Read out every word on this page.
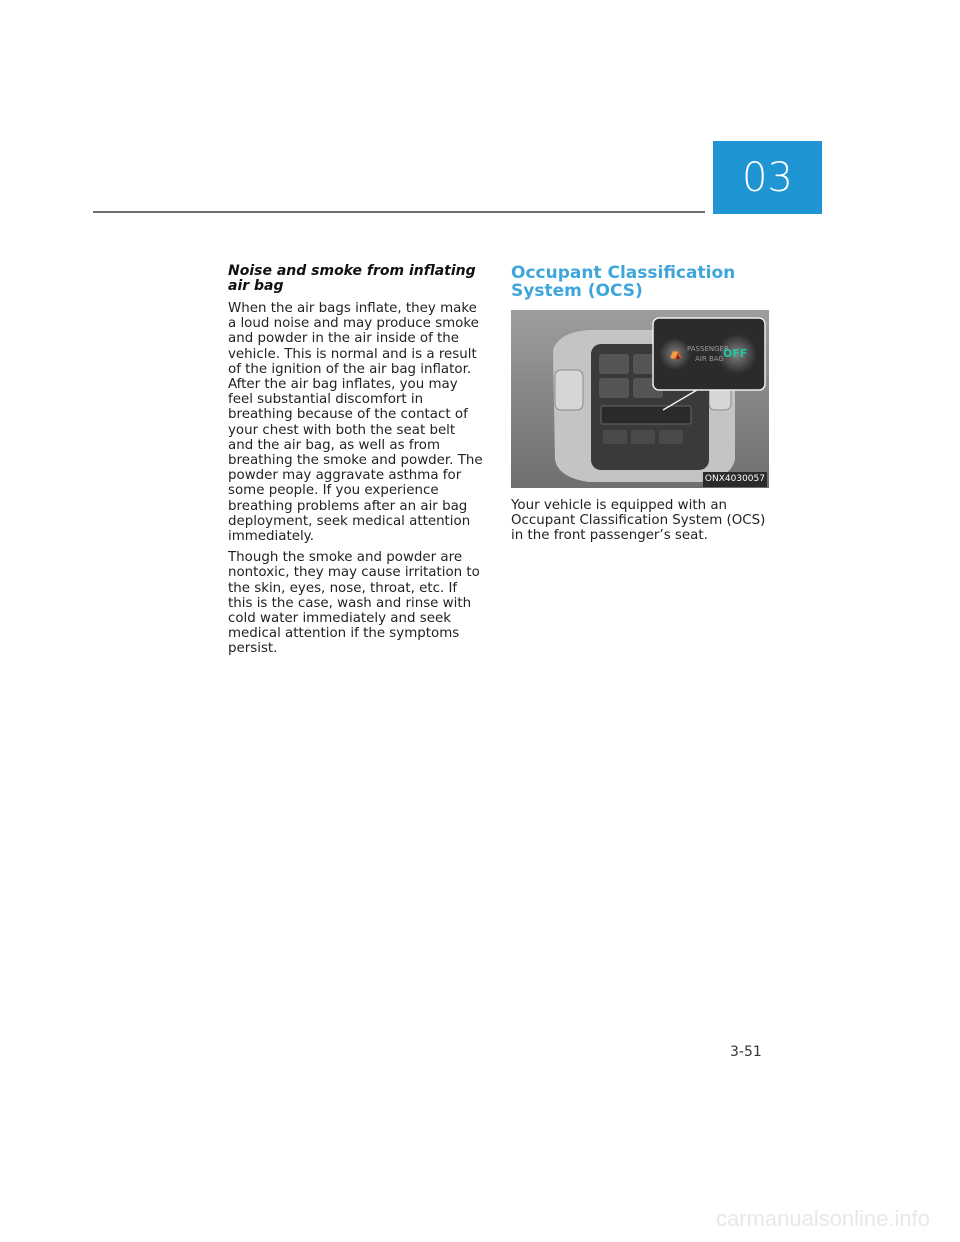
03

Noise and smoke from inflating air bag

When the air bags inflate, they make a loud noise and may produce smoke and powder in the air inside of the vehicle. This is normal and is a result of the ignition of the air bag inflator. After the air bag inflates, you may feel substantial discomfort in breathing because of the contact of your chest with both the seat belt and the air bag, as well as from breathing the smoke and powder. The powder may aggravate asthma for some people. If you experience breathing problems after an air bag deployment, seek medical attention immediately.

Though the smoke and powder are nontoxic, they may cause irritation to the skin, eyes, nose, throat, etc. If this is the case, wash and rinse with cold water immediately and seek medical attention if the symptoms persist.

Occupant Classification System (OCS)
PASSENGER
AIR BAG OFF
⛺
ONX4030057

Your vehicle is equipped with an Occupant Classification System (OCS) in the front passenger’s seat.

3-51
carmanualsonline.info
